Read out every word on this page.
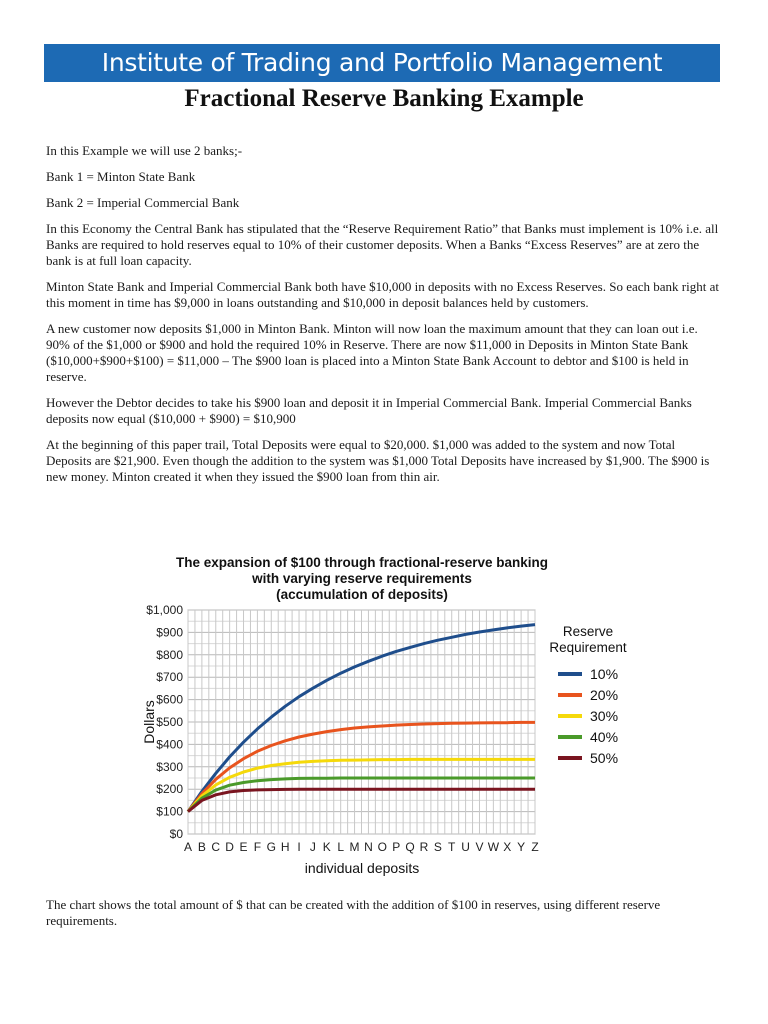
Institute of Trading and Portfolio Management
Fractional Reserve Banking Example

In this Example we will use 2 banks;-

Bank 1 = Minton State Bank

Bank 2 = Imperial Commercial Bank

In this Economy the Central Bank has stipulated that the “Reserve Requirement Ratio” that Banks must implement is 10% i.e. all Banks are required to hold reserves equal to 10% of their customer deposits. When a Banks “Excess Reserves” are at zero the bank is at full loan capacity.

Minton State Bank and Imperial Commercial Bank both have $10,000 in deposits with no Excess Reserves. So each bank right at this moment in time has $9,000 in loans outstanding and $10,000 in deposit balances held by customers.

A new customer now deposits $1,000 in Minton Bank. Minton will now loan the maximum amount that they can loan out i.e. 90% of the $1,000 or $900 and hold the required 10% in Reserve. There are now $11,000 in Deposits in Minton State Bank ($10,000+$900+$100) = $11,000 – The $900 loan is placed into a Minton State Bank Account to debtor and $100 is held in reserve.

However the Debtor decides to take his $900 loan and deposit it in Imperial Commercial Bank. Imperial Commercial Banks deposits now equal ($10,000 + $900) = $10,900

At the beginning of this paper trail, Total Deposits were equal to $20,000. $1,000 was added to the system and now Total Deposits are $21,900. Even though the addition to the system was $1,000 Total Deposits have increased by $1,900. The $900 is new money. Minton created it when they issued the $900 loan from thin air.

The expansion of $100 through fractional-reserve banking
with varying reserve requirements
(accumulation of deposits)
$0
$100
$200
$300
$400
$500
$600
$700
$800
$900
$1,000
A B C D E F G H I J K L M N O P Q R S T U V W X Y Z
individual deposits
Dollars
Reserve
Requirement
10%
20%
30%
40%
50%
The chart shows the total amount of $ that can be created with the addition of $100 in reserves, using different reserve requirements.
